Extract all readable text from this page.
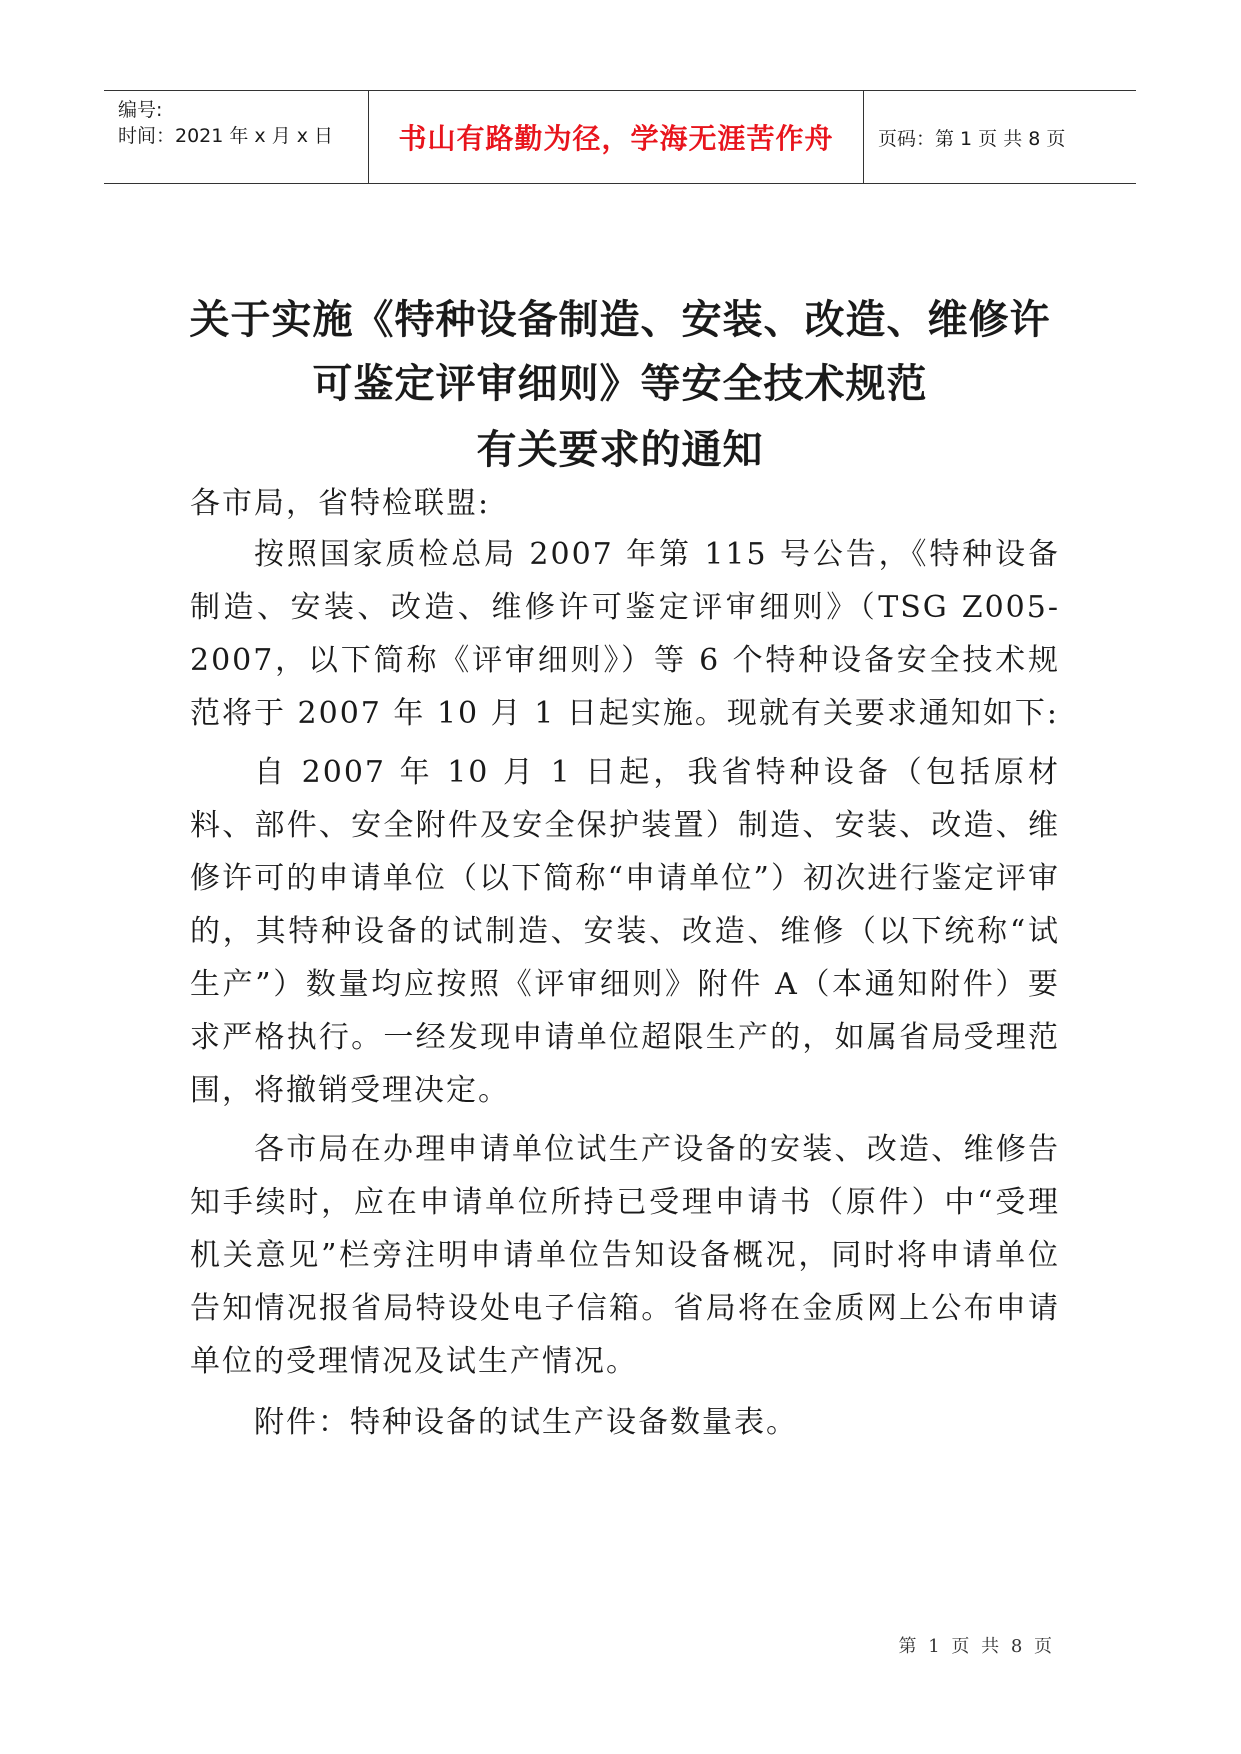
编号:
时间：2021 年 x 月 x 日 书山有路勤为径，学海无涯苦作舟 页码：第 1 页 共 8 页
关于实施《特种设备制造、安装、改造、维修许
可鉴定评审细则》等安全技术规范
有关要求的通知
各市局，省特检联盟:

按照国家质检总局 2007 年第 115 号公告，《特种设备制造、安装、改造、维修许可鉴定评审细则》（TSG Z005-2007，以下简称《评审细则》）等 6 个特种设备安全技术规范将于 2007 年 10 月 1 日起实施。现就有关要求通知如下:

自 2007 年 10 月 1 日起，我省特种设备（包括原材料、部件、安全附件及安全保护装置）制造、安装、改造、维修许可的申请单位（以下简称“申请单位”）初次进行鉴定评审的，其特种设备的试制造、安装、改造、维修（以下统称“试生产”）数量均应按照《评审细则》附件 A（本通知附件）要求严格执行。一经发现申请单位超限生产的，如属省局受理范围，将撤销受理决定。

各市局在办理申请单位试生产设备的安装、改造、维修告知手续时，应在申请单位所持已受理申请书（原件）中“受理机关意见”栏旁注明申请单位告知设备概况，同时将申请单位告知情况报省局特设处电子信箱。省局将在金质网上公布申请单位的受理情况及试生产情况。

附件：特种设备的试生产设备数量表。

第 1 页 共 8 页
